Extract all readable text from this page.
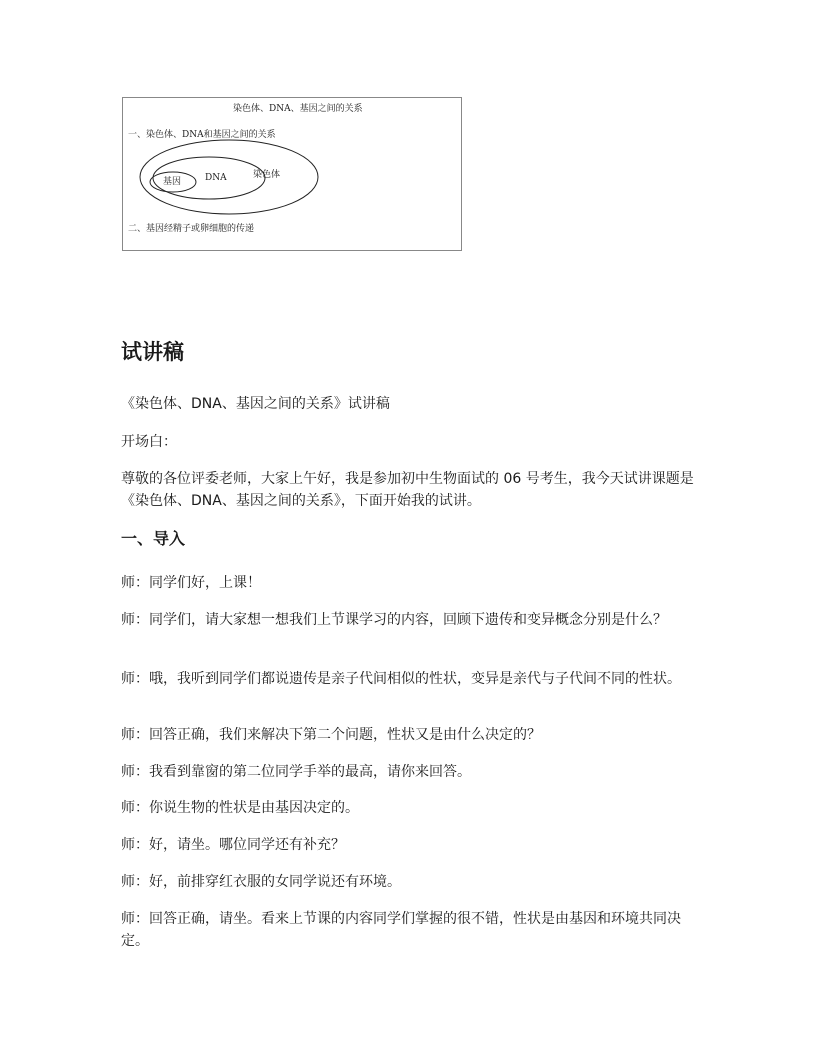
染色体、DNA、基因之间的关系
一、染色体、DNA和基因之间的关系
基因	DNA	染色体
二、基因经精子或卵细胞的传递
试讲稿

《染色体、DNA、基因之间的关系》试讲稿

开场白：

尊敬的各位评委老师，大家上午好，我是参加初中生物面试的 06 号考生，我今天试讲课题是《染色体、DNA、基因之间的关系》，下面开始我的试讲。

一、导入

师：同学们好，上课！

师：同学们，请大家想一想我们上节课学习的内容，回顾下遗传和变异概念分别是什么？

师：哦，我听到同学们都说遗传是亲子代间相似的性状，变异是亲代与子代间不同的性状。

师：回答正确，我们来解决下第二个问题，性状又是由什么决定的？

师：我看到靠窗的第二位同学手举的最高，请你来回答。

师：你说生物的性状是由基因决定的。

师：好，请坐。哪位同学还有补充？

师：好，前排穿红衣服的女同学说还有环境。

师：回答正确，请坐。看来上节课的内容同学们掌握的很不错，性状是由基因和环境共同决定。
